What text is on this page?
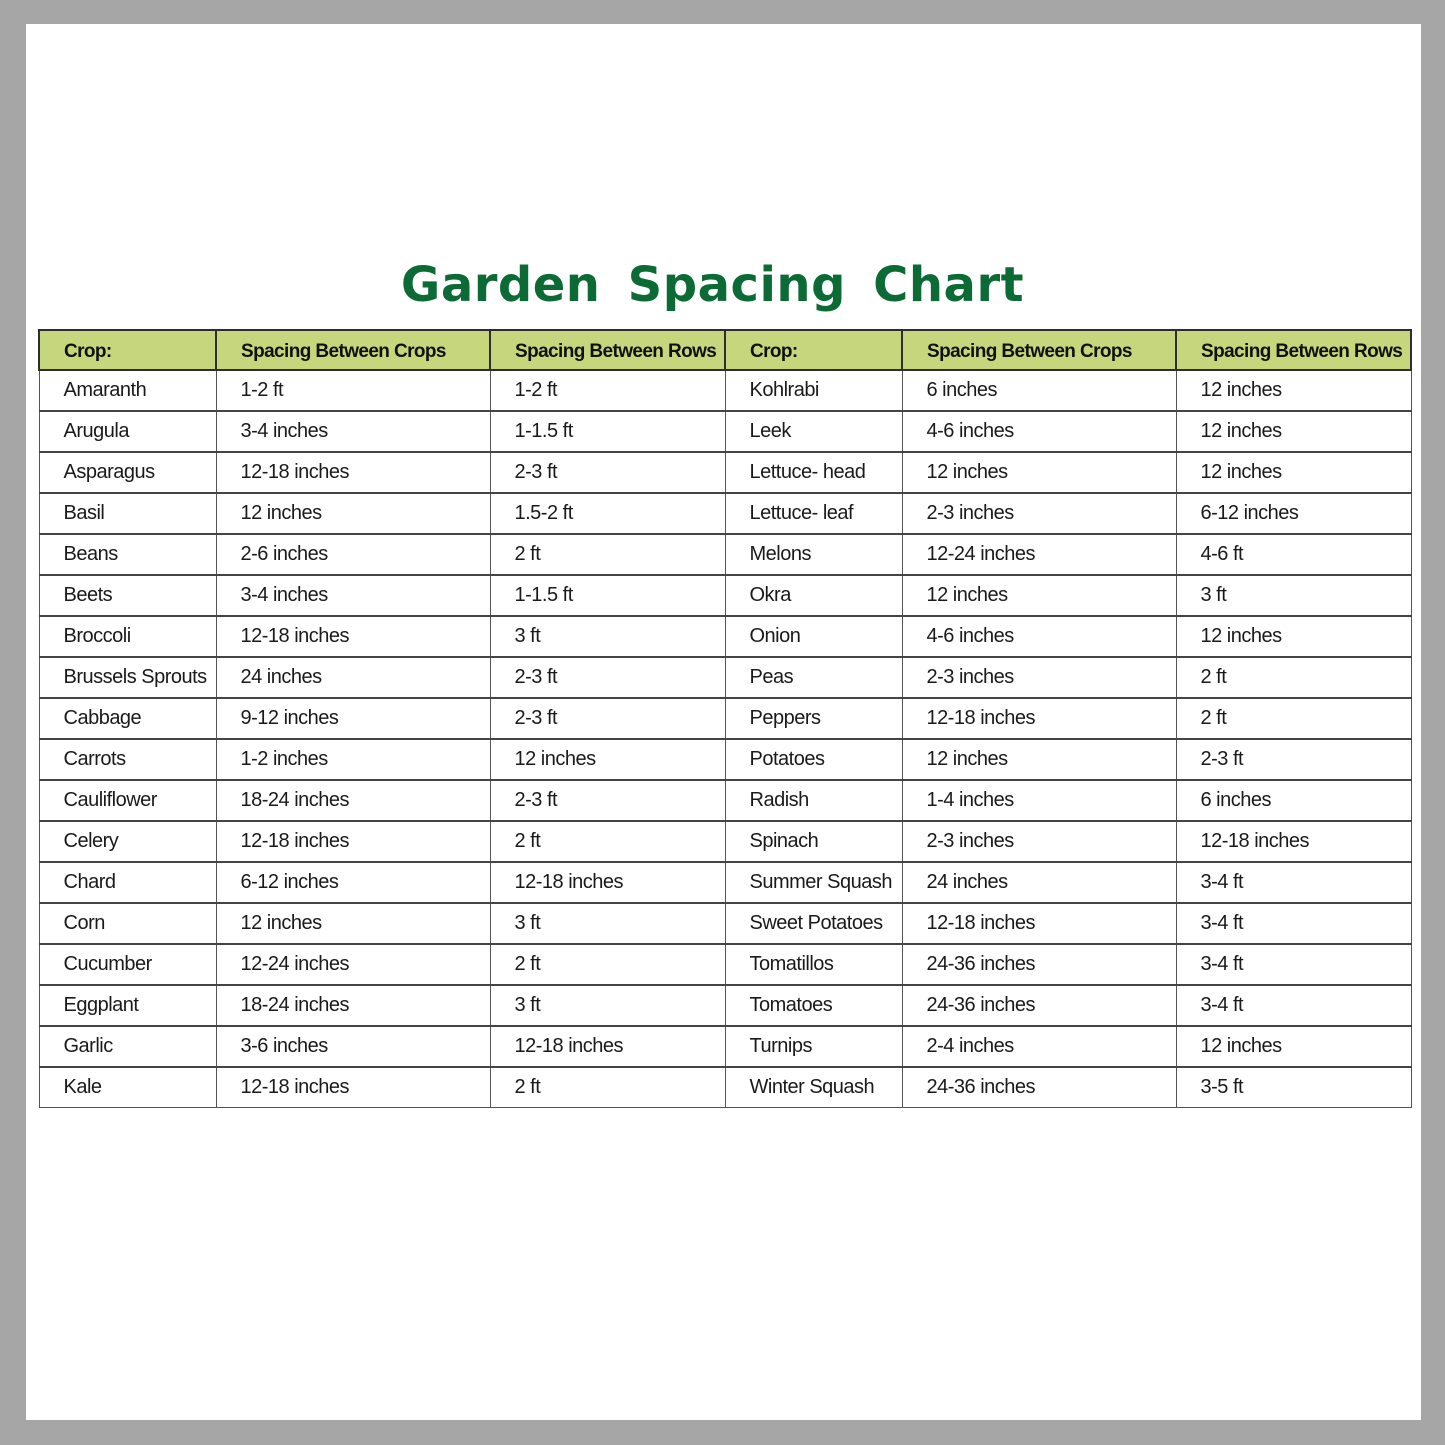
Garden Spacing Chart
Crop:	Spacing Between Crops	Spacing Between Rows
Amaranth	1-2 ft	1-2 ft
Arugula	3-4 inches	1-1.5 ft
Asparagus	12-18 inches	2-3 ft
Basil	12 inches	1.5-2 ft
Beans	2-6 inches	2 ft
Beets	3-4 inches	1-1.5 ft
Broccoli	12-18 inches	3 ft
Brussels Sprouts	24 inches	2-3 ft
Cabbage	9-12 inches	2-3 ft
Carrots	1-2 inches	12 inches
Cauliflower	18-24 inches	2-3 ft
Celery	12-18 inches	2 ft
Chard	6-12 inches	12-18 inches
Corn	12 inches	3 ft
Cucumber	12-24 inches	2 ft
Eggplant	18-24 inches	3 ft
Garlic	3-6 inches	12-18 inches
Kale	12-18 inches	2 ft
Crop:	Spacing Between Crops	Spacing Between Rows
Kohlrabi	6 inches	12 inches
Leek	4-6 inches	12 inches
Lettuce- head	12 inches	12 inches
Lettuce- leaf	2-3 inches	6-12 inches
Melons	12-24 inches	4-6 ft
Okra	12 inches	3 ft
Onion	4-6 inches	12 inches
Peas	2-3 inches	2 ft
Peppers	12-18 inches	2 ft
Potatoes	12 inches	2-3 ft
Radish	1-4 inches	6 inches
Spinach	2-3 inches	12-18 inches
Summer Squash	24 inches	3-4 ft
Sweet Potatoes	12-18 inches	3-4 ft
Tomatillos	24-36 inches	3-4 ft
Tomatoes	24-36 inches	3-4 ft
Turnips	2-4 inches	12 inches
Winter Squash	24-36 inches	3-5 ft
